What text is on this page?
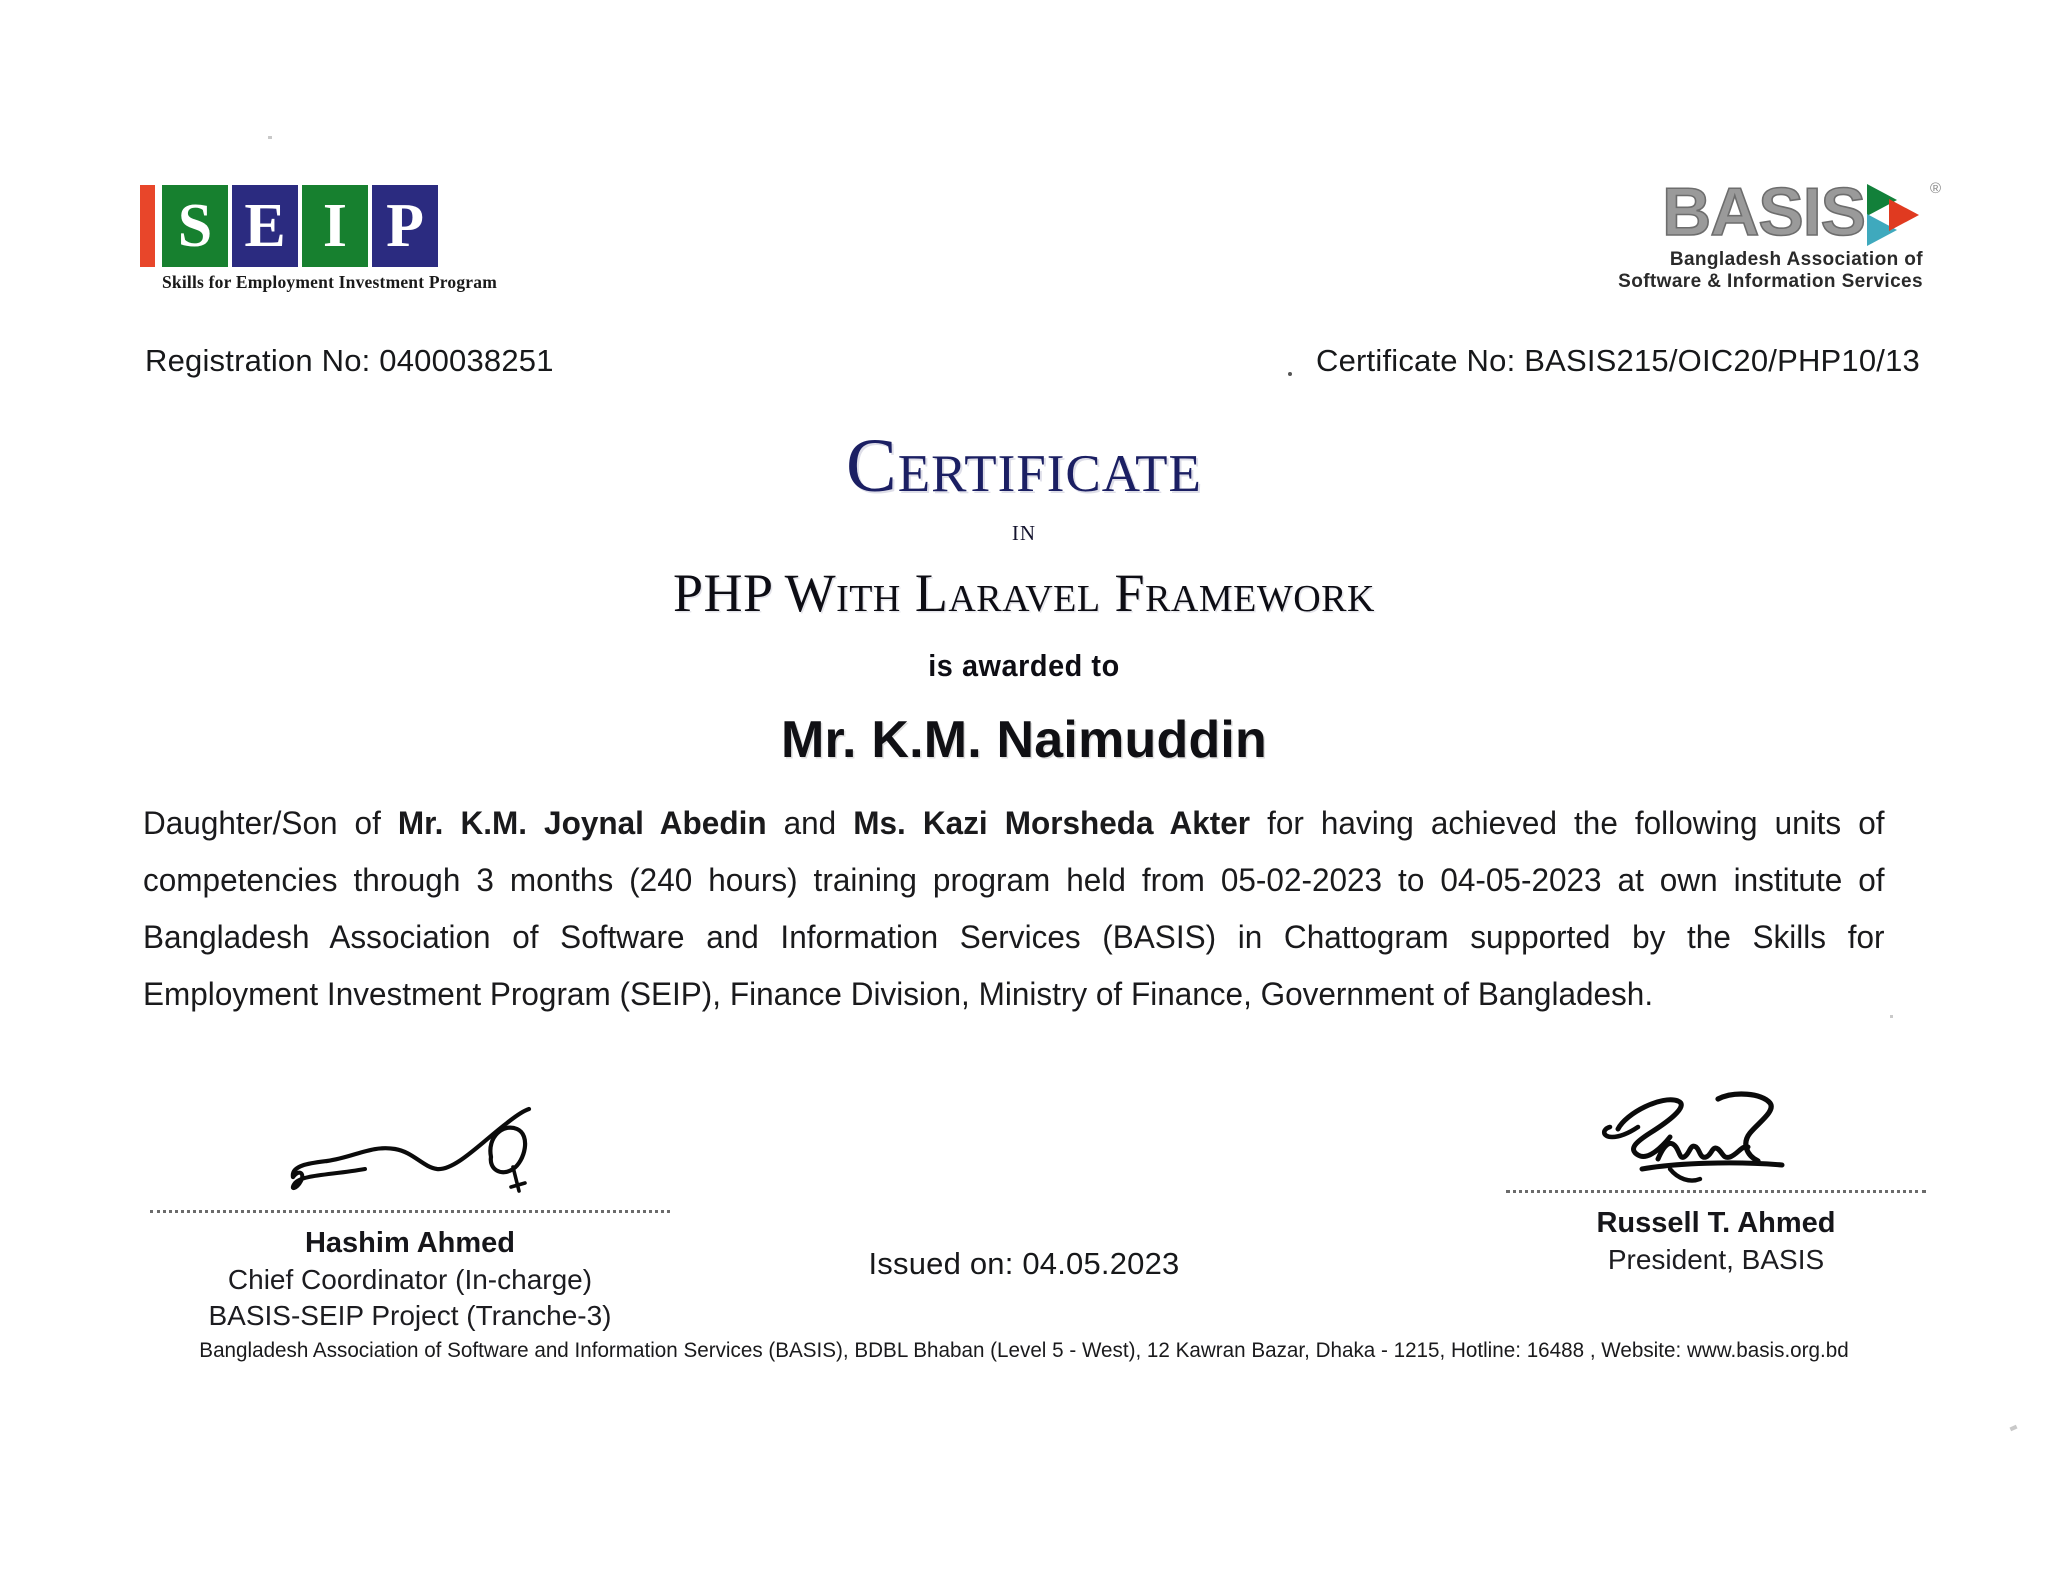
S E I P
Skills for Employment Investment Program
BASIS	®
Bangladesh Association of
Software & Information Services
Registration No: 0400038251	Certificate No: BASIS215/OIC20/PHP10/13
Certificate
in
PHP With Laravel Framework
is awarded to
Mr. K.M. Naimuddin
Daughter/Son of Mr. K.M. Joynal Abedin and Ms. Kazi Morsheda Akter for having achieved the following units of competencies through 3 months (240 hours) training program held from 05-02-2023 to 04-05-2023 at own institute of Bangladesh Association of Software and Information Services (BASIS) in Chattogram supported by the Skills for Employment Investment Program (SEIP), Finance Division, Ministry of Finance, Government of Bangladesh.
Hashim Ahmed
Chief Coordinator (In-charge)
BASIS-SEIP Project (Tranche-3)
Russell T. Ahmed
President, BASIS
Issued on: 04.05.2023
Bangladesh Association of Software and Information Services (BASIS), BDBL Bhaban (Level 5 - West), 12 Kawran Bazar, Dhaka - 1215, Hotline: 16488 , Website: www.basis.org.bd
